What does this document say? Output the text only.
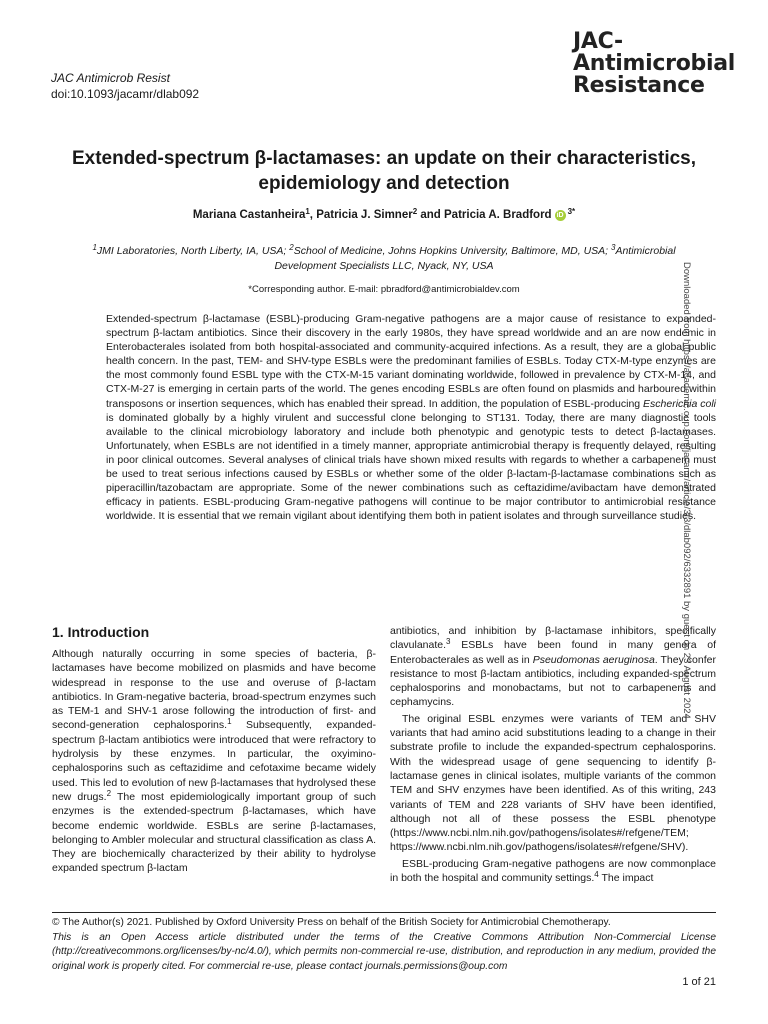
JAC Antimicrob Resist
doi:10.1093/jacamr/dlab092
JAC-
Antimicrobial
Resistance
Extended-spectrum β-lactamases: an update on their characteristics,
epidemiology and detection
Mariana Castanheira$^1$, Patricia J. Simner$^2$ and Patricia A. Bradford iD $^{3*}$
$^1$JMI Laboratories, North Liberty, IA, USA; $^2$School of Medicine, Johns Hopkins University, Baltimore, MD, USA; $^3$Antimicrobial Development Specialists LLC, Nyack, NY, USA
*Corresponding author. E-mail: pbradford@antimicrobialdev.com

Extended-spectrum β-lactamase (ESBL)-producing Gram-negative pathogens are a major cause of resistance to expanded-spectrum β-lactam antibiotics. Since their discovery in the early 1980s, they have spread worldwide and an are now endemic in Enterobacterales isolated from both hospital-associated and community-acquired infections. As a result, they are a global public health concern. In the past, TEM- and SHV-type ESBLs were the predominant families of ESBLs. Today CTX-M-type enzymes are the most commonly found ESBL type with the CTX-M-15 variant dominating worldwide, followed in prevalence by CTX-M-14, and CTX-M-27 is emerging in certain parts of the world. The genes encoding ESBLs are often found on plasmids and harboured within transposons or insertion sequences, which has enabled their spread. In addition, the population of ESBL-producing Escherichia coli is dominated globally by a highly virulent and successful clone belonging to ST131. Today, there are many diagnostic tools available to the clinical microbiology laboratory and include both phenotypic and genotypic tests to detect β-lactamases. Unfortunately, when ESBLs are not identified in a timely manner, appropriate antimicrobial therapy is frequently delayed, resulting in poor clinical outcomes. Several analyses of clinical trials have shown mixed results with regards to whether a carbapenem must be used to treat serious infections caused by ESBLs or whether some of the older β-lactam-β-lactamase combinations such as piperacillin/tazobactam are appropriate. Some of the newer combinations such as ceftazidime/avibactam have demonstrated efficacy in patients. ESBL-producing Gram-negative pathogens will continue to be major contributor to antimicrobial resistance worldwide. It is essential that we remain vigilant about identifying them both in patient isolates and through surveillance studies.

1. Introduction

Although naturally occurring in some species of bacteria, β-lactamases have become mobilized on plasmids and have become widespread in response to the use and overuse of β-lactam antibiotics. In Gram-negative bacteria, broad-spectrum enzymes such as TEM-1 and SHV-1 arose following the introduction of first- and second-generation cephalosporins.$^1$ Subsequently, expanded-spectrum β-lactam antibiotics were introduced that were refractory to hydrolysis by these enzymes. In particular, the oxyimino-cephalosporins such as ceftazidime and cefotaxime became widely used. This led to evolution of new β-lactamases that hydrolysed these new drugs.$^2$ The most epidemiologically important group of such enzymes is the extended-spectrum β-lactamases, which have become endemic worldwide. ESBLs are serine β-lactamases, belonging to Ambler molecular and structural classification as class A. They are biochemically characterized by their ability to hydrolyse expanded spectrum β-lactam

antibiotics, and inhibition by β-lactamase inhibitors, specifically clavulanate.$^3$ ESBLs have been found in many genera of Enterobacterales as well as in Pseudomonas aeruginosa. They confer resistance to most β-lactam antibiotics, including expanded-spectrum cephalosporins and monobactams, but not to carbapenems and cephamycins.

The original ESBL enzymes were variants of TEM and SHV variants that had amino acid substitutions leading to a change in their substrate profile to include the expanded-spectrum cephalosporins. With the widespread usage of gene sequencing to identify β-lactamase genes in clinical isolates, multiple variants of the common TEM and SHV enzymes have been identified. As of this writing, 243 variants of TEM and 228 variants of SHV have been identified, although not all of these possess the ESBL phenotype (https://www.ncbi.nlm.nih.gov/pathogens/isolates#/refgene/TEM; https://www.ncbi.nlm.nih.gov/pathogens/isolates#/refgene/SHV).

ESBL-producing Gram-negative pathogens are now commonplace in both the hospital and community settings.$^4$ The impact

© The Author(s) 2021. Published by Oxford University Press on behalf of the British Society for Antimicrobial Chemotherapy.

This is an Open Access article distributed under the terms of the Creative Commons Attribution Non-Commercial License (http://creativecommons.org/licenses/by-nc/4.0/), which permits non-commercial re-use, distribution, and reproduction in any medium, provided the original work is properly cited. For commercial re-use, please contact journals.permissions@oup.com

1 of 21
Downloaded from https://academic.oup.com/jacamr/article/3/3/dlab092/6332891 by guest on 23 August 2024
